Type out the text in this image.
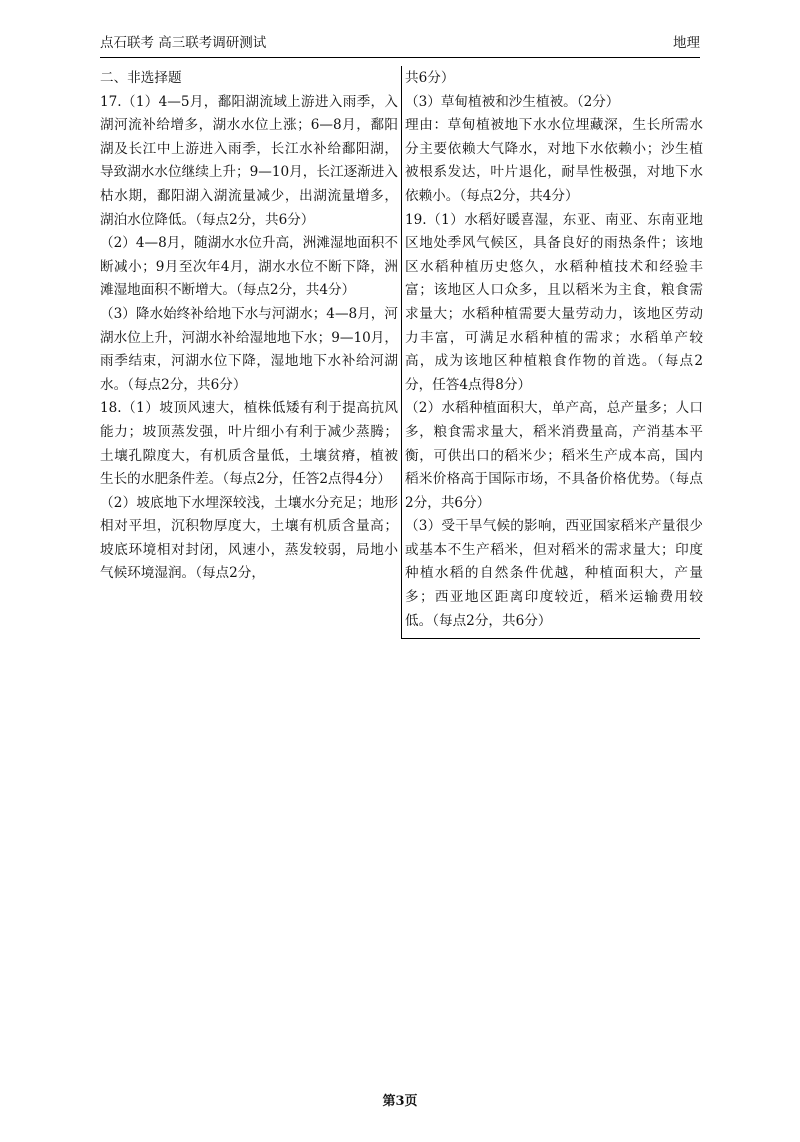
点石联考 高三联考调研测试	地理

二、非选择题

17.（1）4—5月，鄱阳湖流域上游进入雨季，入湖河流补给增多，湖水水位上涨；6—8月，鄱阳湖及长江中上游进入雨季，长江水补给鄱阳湖，导致湖水水位继续上升；9—10月，长江逐渐进入枯水期，鄱阳湖入湖流量减少，出湖流量增多，湖泊水位降低。（每点2分，共6分）

（2）4—8月，随湖水水位升高，洲滩湿地面积不断减小；9月至次年4月，湖水水位不断下降，洲滩湿地面积不断增大。（每点2分，共4分）

（3）降水始终补给地下水与河湖水；4—8月，河湖水位上升，河湖水补给湿地地下水；9—10月，雨季结束，河湖水位下降，湿地地下水补给河湖水。（每点2分，共6分）

18.（1）坡顶风速大，植株低矮有利于提高抗风能力；坡顶蒸发强，叶片细小有利于减少蒸腾；土壤孔隙度大，有机质含量低，土壤贫瘠，植被生长的水肥条件差。（每点2分，任答2点得4分）

（2）坡底地下水埋深较浅，土壤水分充足；地形相对平坦，沉积物厚度大，土壤有机质含量高；坡底环境相对封闭，风速小，蒸发较弱，局地小气候环境湿润。（每点2分，

共6分）

（3）草甸植被和沙生植被。（2分）

理由：草甸植被地下水水位埋藏深，生长所需水分主要依赖大气降水，对地下水依赖小；沙生植被根系发达，叶片退化，耐旱性极强，对地下水依赖小。（每点2分，共4分）

19.（1）水稻好暖喜湿，东亚、南亚、东南亚地区地处季风气候区，具备良好的雨热条件；该地区水稻种植历史悠久，水稻种植技术和经验丰富；该地区人口众多，且以稻米为主食，粮食需求量大；水稻种植需要大量劳动力，该地区劳动力丰富，可满足水稻种植的需求；水稻单产较高，成为该地区种植粮食作物的首选。（每点2分，任答4点得8分）

（2）水稻种植面积大，单产高，总产量多；人口多，粮食需求量大，稻米消费量高，产消基本平衡，可供出口的稻米少；稻米生产成本高，国内稻米价格高于国际市场，不具备价格优势。（每点2分，共6分）

（3）受干旱气候的影响，西亚国家稻米产量很少或基本不生产稻米，但对稻米的需求量大；印度种植水稻的自然条件优越，种植面积大，产量多；西亚地区距离印度较近，稻米运输费用较低。（每点2分，共6分）

第3页
